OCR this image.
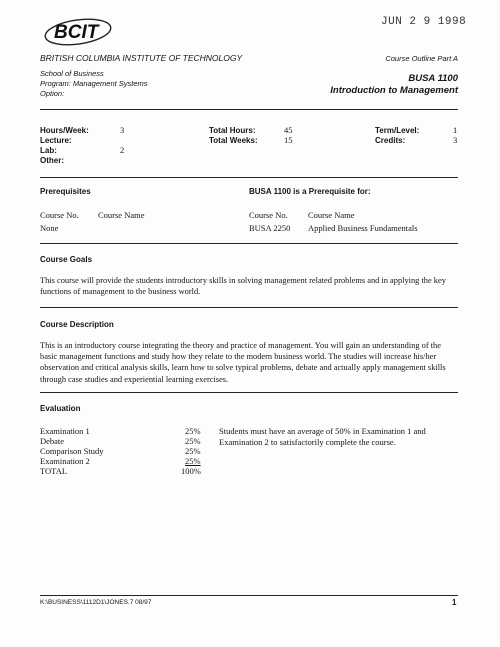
BCIT	JUN 2 9 1998
BRITISH COLUMBIA INSTITUTE OF TECHNOLOGY
School of Business
Program: Management Systems
Option:
Course Outline Part A
BUSA 1100
Introduction to Management
Hours/Week:	3
Lecture:
Lab:	2
Other:
Total Hours:	45
Total Weeks:	15
Term/Level:	1
Credits:	3
Prerequisites
Course No. Course Name
None
BUSA 1100 is a Prerequisite for:
Course No. Course Name
BUSA 2250 Applied Business Fundamentals
Course Goals
This course will provide the students introductory skills in solving management related problems and in applying the key functions of management to the business world.
Course Description
This is an introductory course integrating the theory and practice of management. You will gain an understanding of the basic management functions and study how they relate to the modern business world. The studies will increase his/her observation and critical analysis skills, learn how to solve typical problems, debate and actually apply management skills through case studies and experiential learning exercises.
Evaluation
Examination 1	25%
Debate	25%
Comparison Study	25%
Examination 2	25%
TOTAL	100%
Students must have an average of 50% in Examination 1 and Examination 2 to satisfactorily complete the course.
K:\BUSINESS\1112D1\JONES.7 08/97	1
